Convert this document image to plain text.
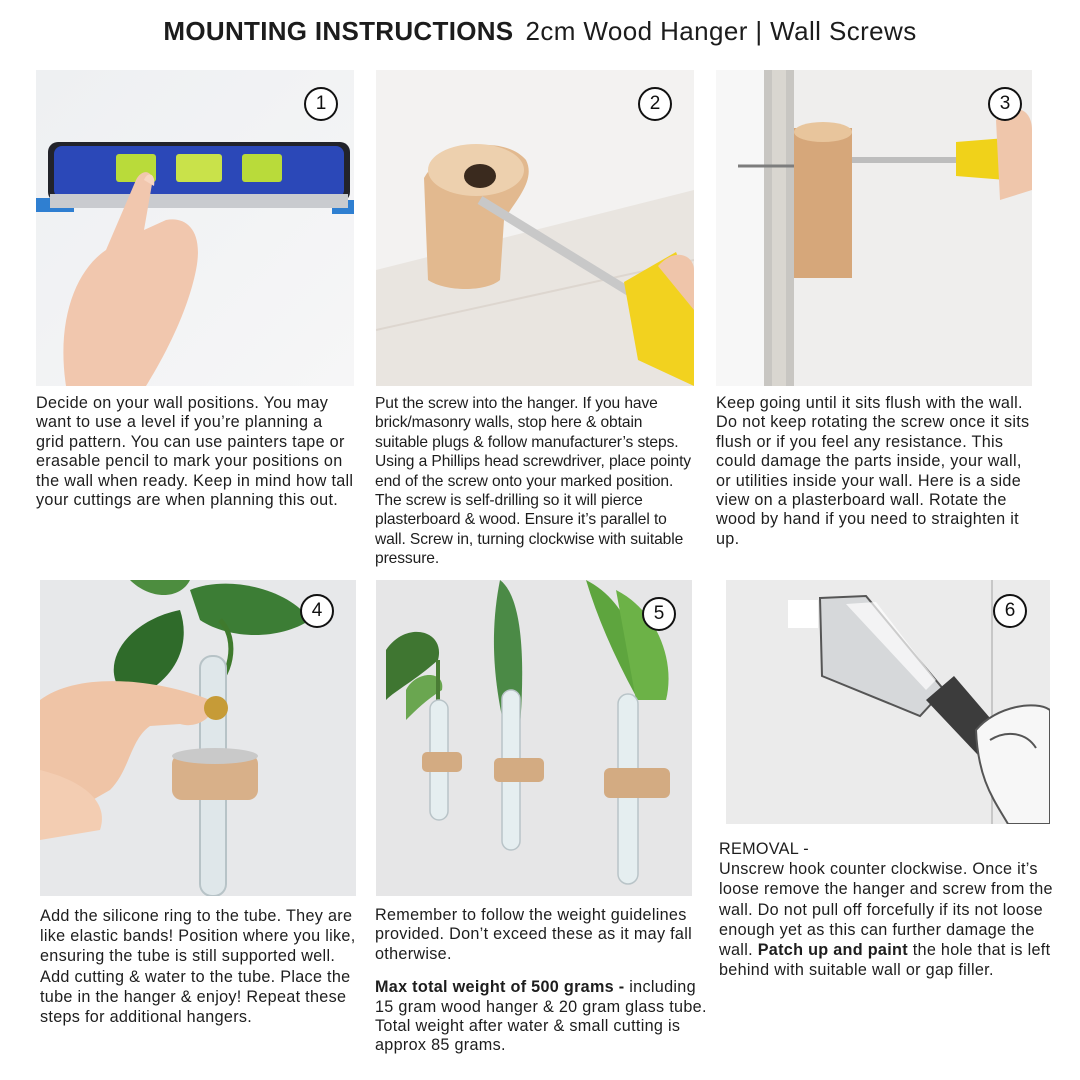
MOUNTING INSTRUCTIONS 2cm Wood Hanger | Wall Screws
1	2	3
4	5	6

Decide on your wall positions. You may want to use a level if you’re planning a grid pattern. You can use painters tape or erasable pencil to mark your positions on the wall when ready. Keep in mind how tall your cuttings are when planning this out.

Put the screw into the hanger. If you have brick/masonry walls, stop here & obtain suitable plugs & follow manufacturer’s steps. Using a Phillips head screwdriver, place pointy end of the screw onto your marked position. The screw is self-drilling so it will pierce plasterboard & wood. Ensure it’s parallel to wall. Screw in, turning clockwise with suitable pressure.

Keep going until it sits flush with the wall. Do not keep rotating the screw once it sits flush or if you feel any resistance. This could damage the parts inside, your wall, or utilities inside your wall. Here is a side view on a plasterboard wall. Rotate the wood by hand if you need to straighten it up.

Add the silicone ring to the tube. They are like elastic bands! Position where you like, ensuring the tube is still supported well. Add cutting & water to the tube. Place the tube in the hanger & enjoy! Repeat these steps for additional hangers.

Remember to follow the weight guidelines provided. Don’t exceed these as it may fall otherwise.

Max total weight of 500 grams - including 15 gram wood hanger & 20 gram glass tube. Total weight after water & small cutting is approx 85 grams.

REMOVAL -

Unscrew hook counter clockwise. Once it’s loose remove the hanger and screw from the wall. Do not pull off forcefully if its not loose enough yet as this can further damage the wall. Patch up and paint the hole that is left behind with suitable wall or gap filler.
